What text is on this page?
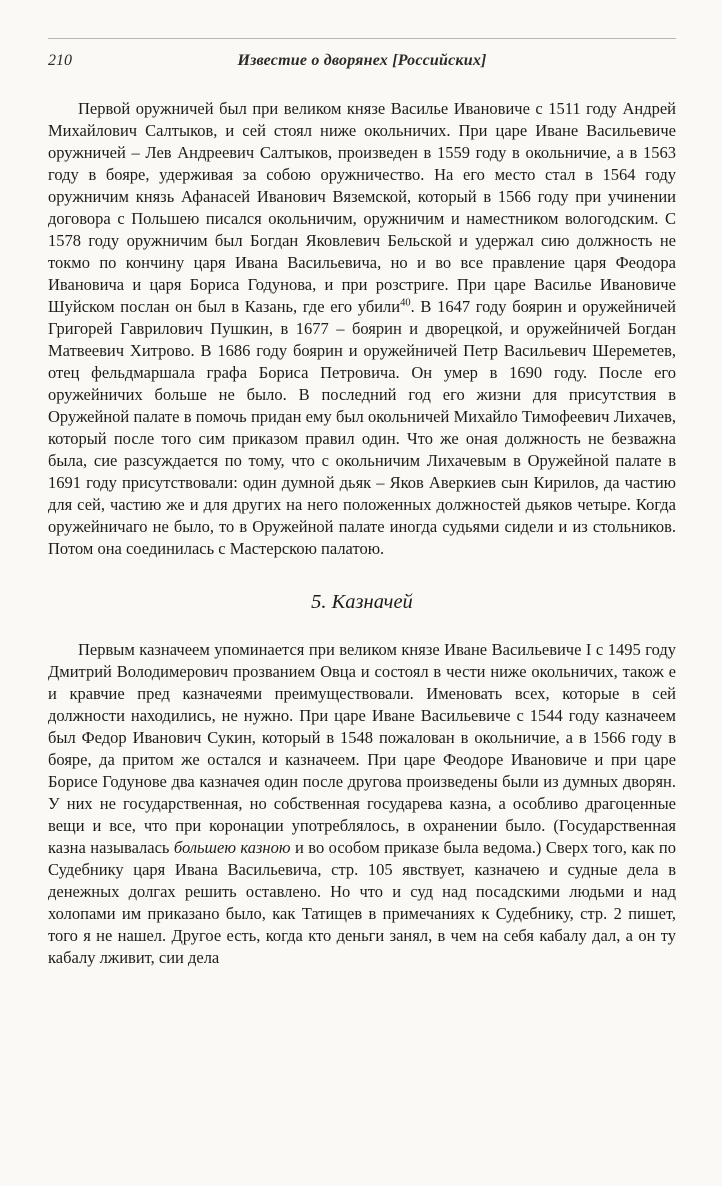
210	Известие о дворянех [Российских]

Первой оружничей был при великом князе Василье Ивановиче с 1511 году Андрей Михайлович Салтыков, и сей стоял ниже окольничих. При царе Иване Васильевиче оружничей – Лев Андреевич Салтыков, произведен в 1559 году в окольничие, а в 1563 году в бояре, удерживая за собою оружничество. На его место стал в 1564 году оружничим князь Афанасей Иванович Вяземской, который в 1566 году при учинении договора с Польшею писался окольничим, оружничим и наместником вологодским. С 1578 году оружничим был Богдан Яковлевич Бельской и удержал сию должность не токмо по кончину царя Ивана Васильевича, но и во все правление царя Феодора Ивановича и царя Бориса Годунова, и при розстриге. При царе Василье Ивановиче Шуйском послан он был в Казань, где его убили$^{40}$. В 1647 году боярин и оружейничей Григорей Гаврилович Пушкин, в 1677 – боярин и дворецкой, и оружейничей Богдан Матвеевич Хитрово. В 1686 году боярин и оружейничей Петр Васильевич Шереметев, отец фельдмаршала графа Бориса Петровича. Он умер в 1690 году. После его оружейничих больше не было. В последний год его жизни для присутствия в Оружейной палате в помочь придан ему был окольничей Михайло Тимофеевич Лихачев, который после того сим приказом правил один. Что же оная должность не безважна была, сие разсуждается по тому, что с окольничим Лихачевым в Оружейной палате в 1691 году присутствовали: один думной дьяк – Яков Аверкиев сын Кирилов, да частию для сей, частию же и для других на него положенных должностей дьяков четыре. Когда оружейничаго не было, то в Оружейной палате иногда судьями сидели и из стольников. Потом она соединилась с Мастерскою палатою.

5. Казначей

Первым казначеем упоминается при великом князе Иване Васильевиче I с 1495 году Дмитрий Володимерович прозванием Овца и состоял в чести ниже окольничих, також е и кравчие пред казначеями преимуществовали. Именовать всех, которые в сей должности находились, не нужно. При царе Иване Васильевиче с 1544 году казначеем был Федор Иванович Сукин, который в 1548 пожалован в окольничие, а в 1566 году в бояре, да притом же остался и казначеем. При царе Феодоре Ивановиче и при царе Борисе Годунове два казначея один после другова произведены были из думных дворян. У них не государственная, но собственная государева казна, а особливо драгоценные вещи и все, что при коронации употреблялось, в охранении было. (Государственная казна называлась большею казною и во особом приказе была ведома.) Сверх того, как по Судебнику царя Ивана Васильевича, стр. 105 явствует, казначею и судные дела в денежных долгах решить оставлено. Но что и суд над посадскими людьми и над холопами им приказано было, как Татищев в примечаниях к Судебнику, стр. 2 пишет, того я не нашел. Другое есть, когда кто деньги занял, в чем на себя кабалу дал, а он ту кабалу лживит, сии дела
